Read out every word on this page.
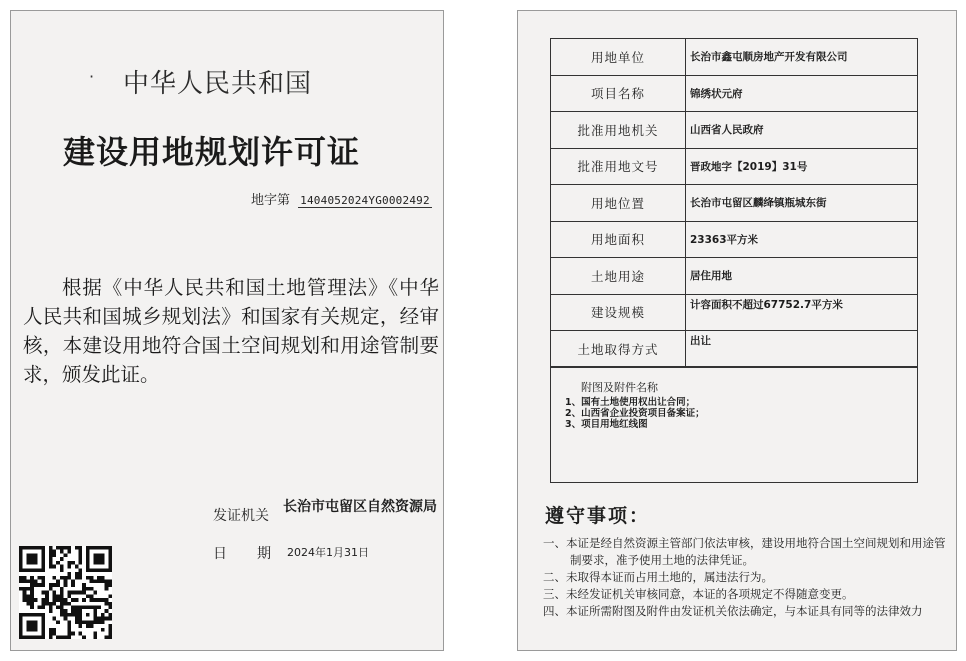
· 中华人民共和国
建设用地规划许可证
地字第 1404052024YG0002492

根据《中华人民共和国土地管理法》《中华人民共和国城乡规划法》和国家有关规定，经审核，本建设用地符合国土空间规划和用途管制要求，颁发此证。

发证机关
长治市屯留区自然资源局
日期
2024年1月31日
用地单位	长治市鑫屯顺房地产开发有限公司
项目名称	锦绣状元府
批准用地机关	山西省人民政府
批准用地文号	晋政地字【2019】31号
用地位置	长治市屯留区麟绛镇瓶城东街
用地面积	23363平方米
土地用途	居住用地
建设规模	计容面积不超过67752.7平方米
土地取得方式	出让
附图及附件名称
1、国有土地使用权出让合同；
2、山西省企业投资项目备案证；
3、项目用地红线图
遵守事项：
一、本证是经自然资源主管部门依法审核，建设用地符合国土空间规划和用途管制要求，准予使用土地的法律凭证。
二、未取得本证而占用土地的，属违法行为。
三、未经发证机关审核同意，本证的各项规定不得随意变更。
四、本证所需附图及附件由发证机关依法确定，与本证具有同等的法律效力
